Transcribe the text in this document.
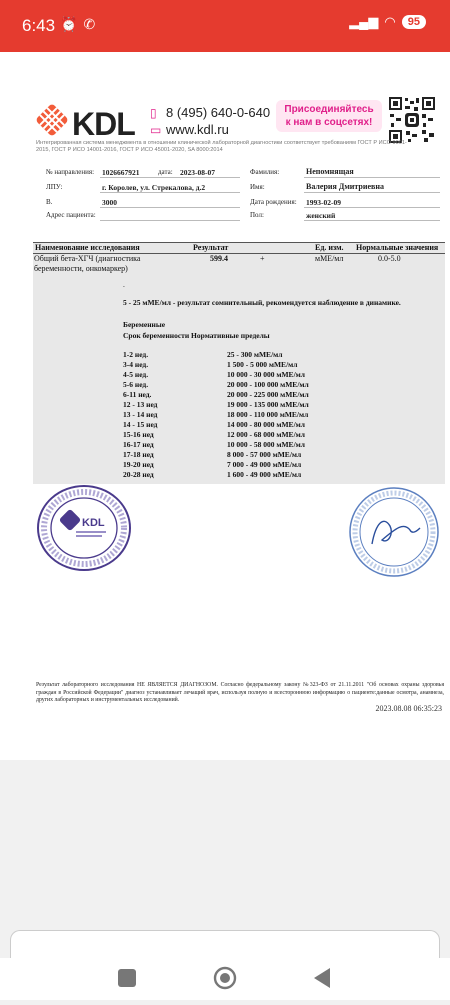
6:43 ⏰✆	▂▄▆ ◠	95
KDL ▯ 8 (495) 640-0-640
▭ www.kdl.ru
Присоединяйтесь
к нам в соцсетях!
Интегрированная система менеджмента в отношении клинической лабораторной диагностики соответствует требованиям ГОСТ Р ИСО 9001-2015, ГОСТ Р ИСО 14001-2016, ГОСТ Р ИСО 45001-2020, SA 8000:2014
№ направления: 1026667921	дата: 2023-08-07	Фамилия:	Непомнящая
ЛПУ:	г. Королев, ул. Стрекалова, д.2	Имя:	Валерия Дмитриевна
В.	3000	Дата рождения: 1993-02-09
Адрес пациента:	Пол:	женский
Наименование исследования	Результат	Ед. изм. Нормальные значения
Общий бета-ХГЧ (диагностика беременности, онкомаркер)
599.4	+	мМЕ/мл	0.0-5.0
.
5 - 25 мМЕ/мл - результат сомнительный, рекомендуется наблюдение в динамике.
Беременные
Срок беременности Нормативные пределы
1-2 нед.	25 - 300 мМЕ/мл
3-4 нед.	1 500 - 5 000 мМЕ/мл
4-5 нед.	10 000 - 30 000 мМЕ/мл
5-6 нед.	20 000 - 100 000 мМЕ/мл
6-11 нед.	20 000 - 225 000 мМЕ/мл
12 - 13 нед	19 000 - 135 000 мМЕ/мл
13 - 14 нед	18 000 - 110 000 мМЕ/мл
14 - 15 нед	14 000 - 80 000 мМЕ/мл
15-16 нед	12 000 - 68 000 мМЕ/мл
16-17 нед	10 000 - 58 000 мМЕ/мл
17-18 нед	8 000 - 57 000 мМЕ/мл
19-20 нед	7 000 - 49 000 мМЕ/мл
20-28 нед	1 600 - 49 000 мМЕ/мл
KDL
Результат лабораторного исследования НЕ ЯВЛЯЕТСЯ ДИАГНОЗОМ. Согласно федеральному закону №323-ФЗ от 21.11.2011 "Об основах охраны здоровья граждан в Российской Федерации" диагноз устанавливает лечащий врач, используя полную и всестороннюю информацию о пациенте:данные осмотра, анамнеза, других лабораторных и инструментальных исследований.
2023.08.08 06:35:23
